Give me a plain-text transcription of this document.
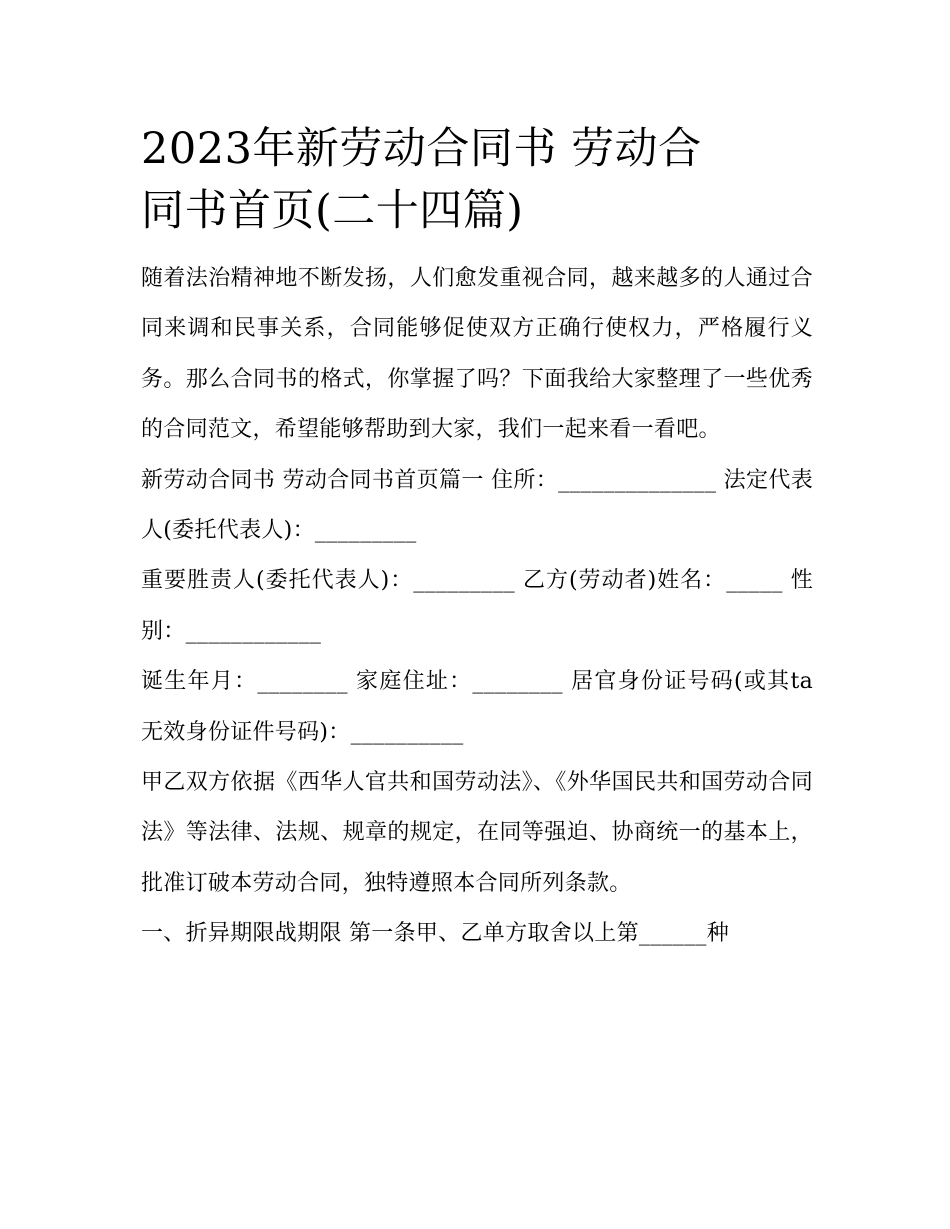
2023年新劳动合同书 劳动合
同书首页(二十四篇)

随着法治精神地不断发扬，人们愈发重视合同，越来越多的人通过合同来调和民事关系，合同能够促使双方正确行使权力，严格履行义务。那么合同书的格式，你掌握了吗？下面我给大家整理了一些优秀的合同范文，希望能够帮助到大家，我们一起来看一看吧。

新劳动合同书 劳动合同书首页篇一 住所：______________ 法定代表人(委托代表人)：_________

重要胜责人(委托代表人)：_________ 乙方(劳动者)姓名：_____ 性别：____________

诞生年月：________ 家庭住址：________ 居官身份证号码(或其ta无效身份证件号码)：__________

甲乙双方依据《西华人官共和国劳动法》、《外华国民共和国劳动合同法》等法律、法规、规章的规定，在同等强迫、协商统一的基本上，批准订破本劳动合同，独特遵照本合同所列条款。

一、折异期限战期限 第一条甲、乙单方取舍以上第______种
